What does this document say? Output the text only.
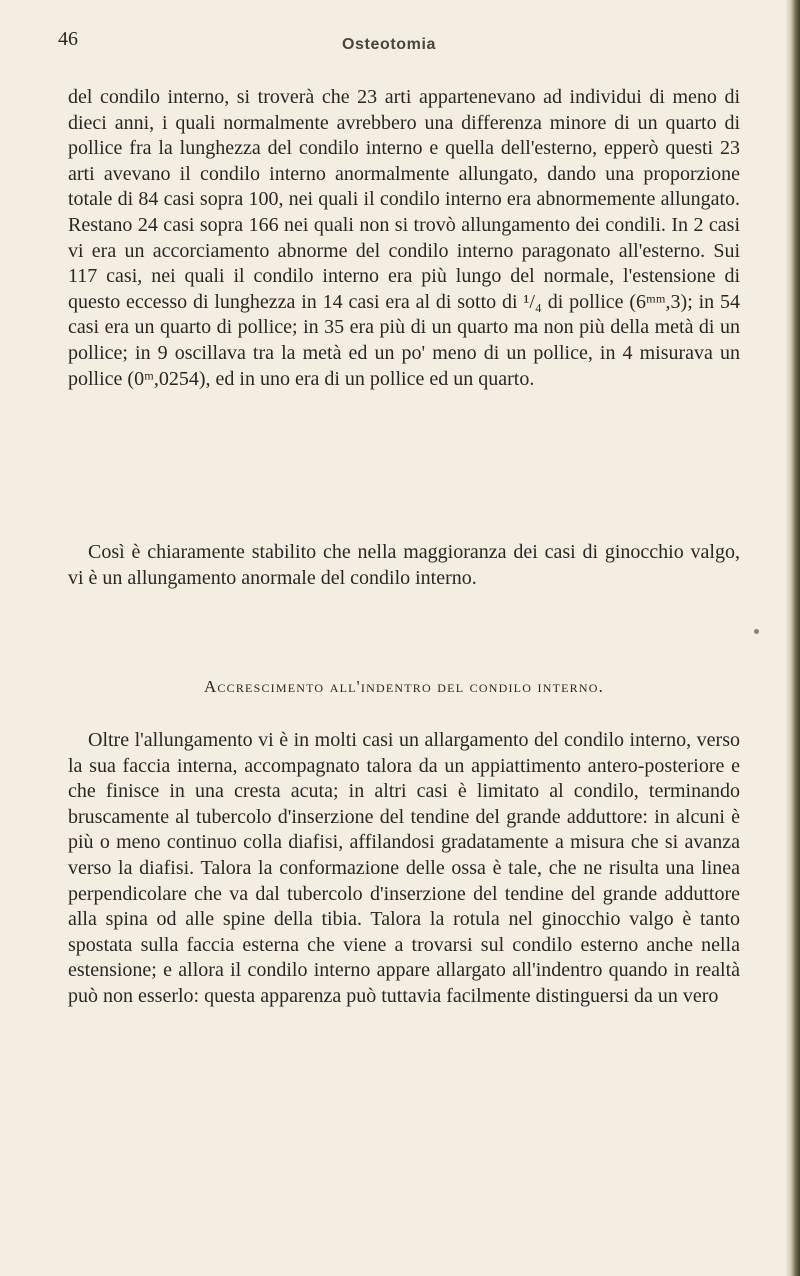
46	Osteotomia

del condilo interno, si troverà che 23 arti appartenevano ad individui di meno di dieci anni, i quali normalmente avrebbero una differenza minore di un quarto di pollice fra la lunghezza del condilo interno e quella dell'esterno, epperò questi 23 arti avevano il condilo interno anormalmente allungato, dando una proporzione totale di 84 casi sopra 100, nei quali il condilo interno era abnormemente allungato. Restano 24 casi sopra 166 nei quali non si trovò allungamento dei condili. In 2 casi vi era un accorciamento abnorme del condilo interno paragonato all'esterno. Sui 117 casi, nei quali il condilo interno era più lungo del normale, l'estensione di questo eccesso di lunghezza in 14 casi era al di sotto di ¹/₄ di pollice (6ᵐᵐ,3); in 54 casi era un quarto di pollice; in 35 era più di un quarto ma non più della metà di un pollice; in 9 oscillava tra la metà ed un po' meno di un pollice, in 4 misurava un pollice (0ᵐ,0254), ed in uno era di un pollice ed un quarto.

Così è chiaramente stabilito che nella maggioranza dei casi di ginocchio valgo, vi è un allungamento anormale del condilo interno.

Accrescimento all'indentro del condilo interno.

Oltre l'allungamento vi è in molti casi un allargamento del condilo interno, verso la sua faccia interna, accompagnato talora da un appiattimento antero-posteriore e che finisce in una cresta acuta; in altri casi è limitato al condilo, terminando bruscamente al tubercolo d'inserzione del tendine del grande adduttore: in alcuni è più o meno continuo colla diafisi, affilandosi gradatamente a misura che si avanza verso la diafisi. Talora la conformazione delle ossa è tale, che ne risulta una linea perpendicolare che va dal tubercolo d'inserzione del tendine del grande adduttore alla spina od alle spine della tibia. Talora la rotula nel ginocchio valgo è tanto spostata sulla faccia esterna che viene a trovarsi sul condilo esterno anche nella estensione; e allora il condilo interno appare allargato all'indentro quando in realtà può non esserlo: questa apparenza può tuttavia facilmente distinguersi da un vero
